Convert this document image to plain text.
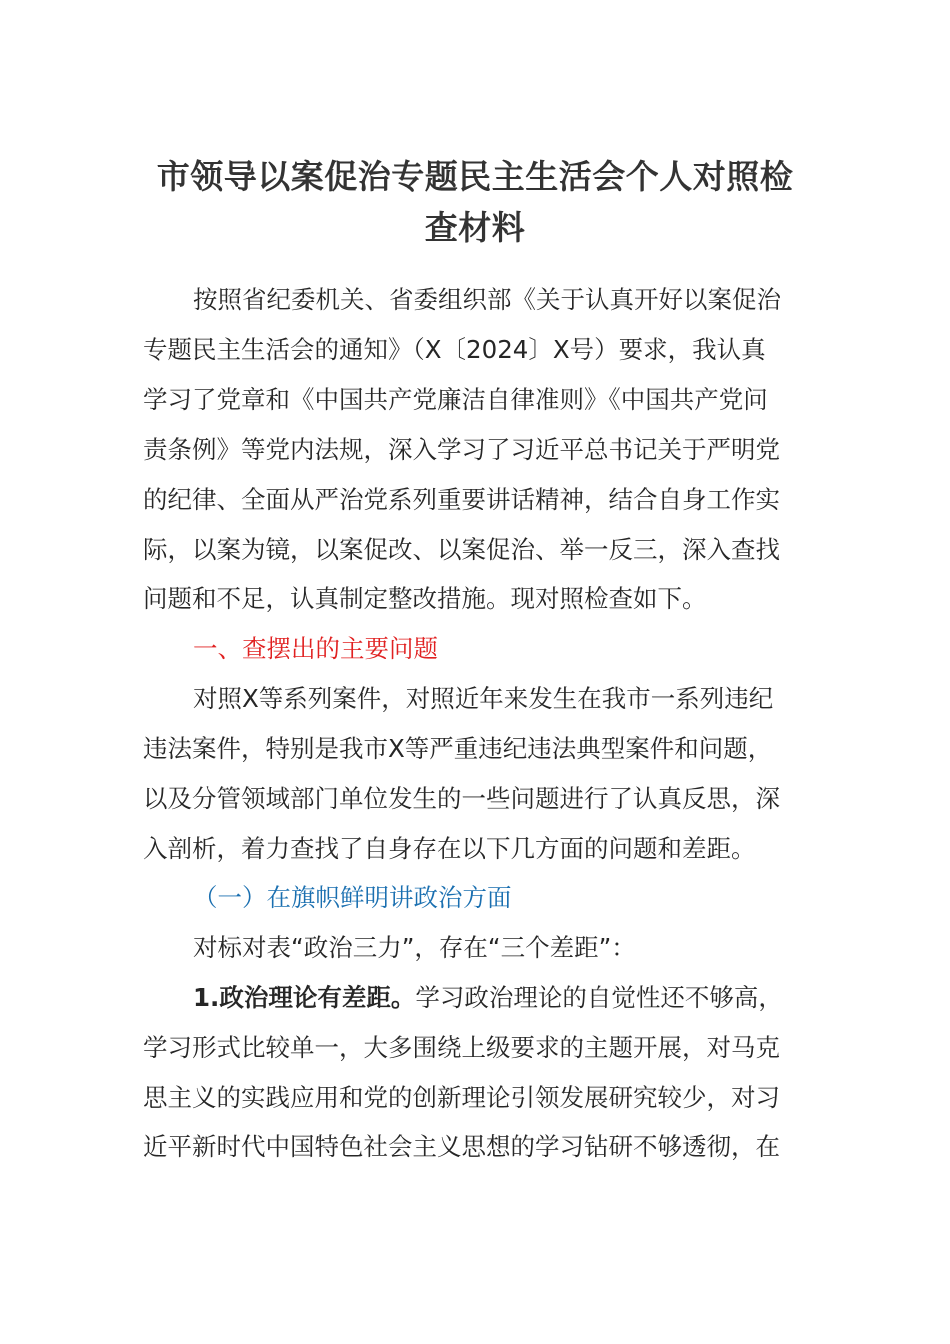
市领导以案促治专题民主生活会个人对照检
查材料
按照省纪委机关、省委组织部《关于认真开好以案促治
专题民主生活会的通知》（X〔2024〕X号）要求，我认真
学习了党章和《中国共产党廉洁自律准则》《中国共产党问
责条例》等党内法规，深入学习了习近平总书记关于严明党
的纪律、全面从严治党系列重要讲话精神，结合自身工作实
际，以案为镜，以案促改、以案促治、举一反三，深入查找
问题和不足，认真制定整改措施。现对照检查如下。
一、查摆出的主要问题
对照X等系列案件，对照近年来发生在我市一系列违纪
违法案件，特别是我市X等严重违纪违法典型案件和问题，
以及分管领域部门单位发生的一些问题进行了认真反思，深
入剖析，着力查找了自身存在以下几方面的问题和差距。
（一）在旗帜鲜明讲政治方面
对标对表“政治三力”，存在“三个差距”：
1.政治理论有差距。学习政治理论的自觉性还不够高，
学习形式比较单一，大多围绕上级要求的主题开展，对马克
思主义的实践应用和党的创新理论引领发展研究较少，对习
近平新时代中国特色社会主义思想的学习钻研不够透彻，在
